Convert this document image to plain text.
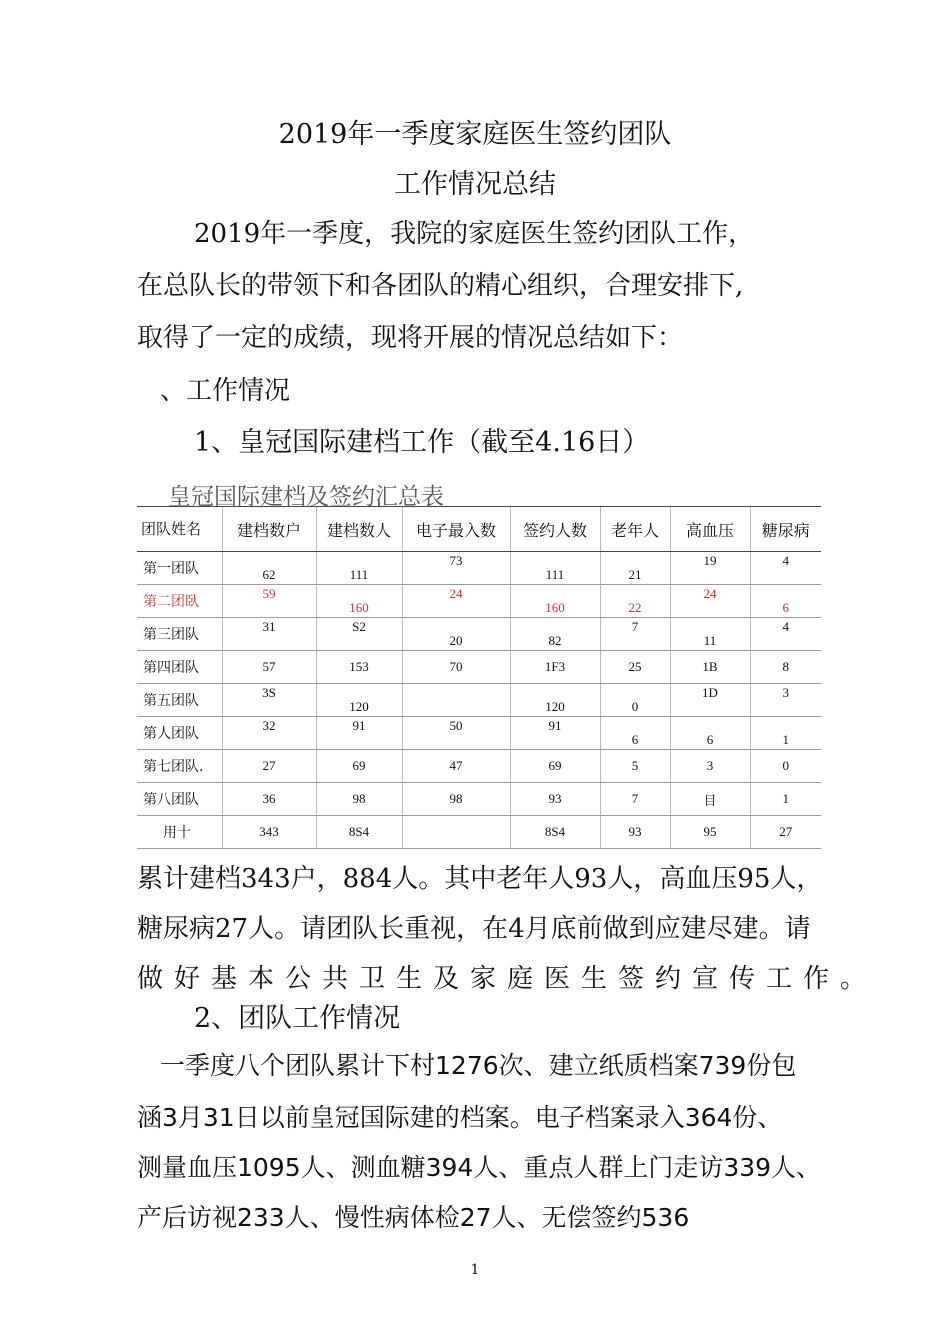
2019年一季度家庭医生签约团队
工作情况总结
2019年一季度，我院的家庭医生签约团队工作，
在总队长的带领下和各团队的精心组织，合理安排下,
取得了一定的成绩，现将开展的情况总结如下：
、工作情况
1、皇冠国际建档工作（截至4.16日）
皇冠国际建档及签约汇总表
团队姓名	建档数户	建档数人	电子最入数	签约人数	老年人	高血压	糖尿病
第一团队	62	111	73	111	21	19	4
第二团臥	59	160	24	160	22	24	6
第三团队	31	S2	20	82	7	11	4
第四团队	57	153	70	1F3	25	1B	8
第五团队	3S	120		120	0	1D	3
第人团队	32	91	50	91	6	6	1
第七团队.	27	69	47	69	5	3	0
第八团队	36	98	98	93	7	目	1
用十	343	8S4		8S4	93	95	27
累计建档343户，884人。其中老年人93人，高血压95人，
糖尿病27人。请团队长重视，在4月底前做到应建尽建。请
做好基本公共卫生及家庭医生签约宣传工作。
2、团队工作情况
一季度八个团队累计下村1276次、建立纸质档案739份包
涵3月31日以前皇冠国际建的档案。电子档案录入364份、
测量血压1095人、测血糖394人、重点人群上门走访339人、
产后访视233人、慢性病体检27人、无偿签约536
1
